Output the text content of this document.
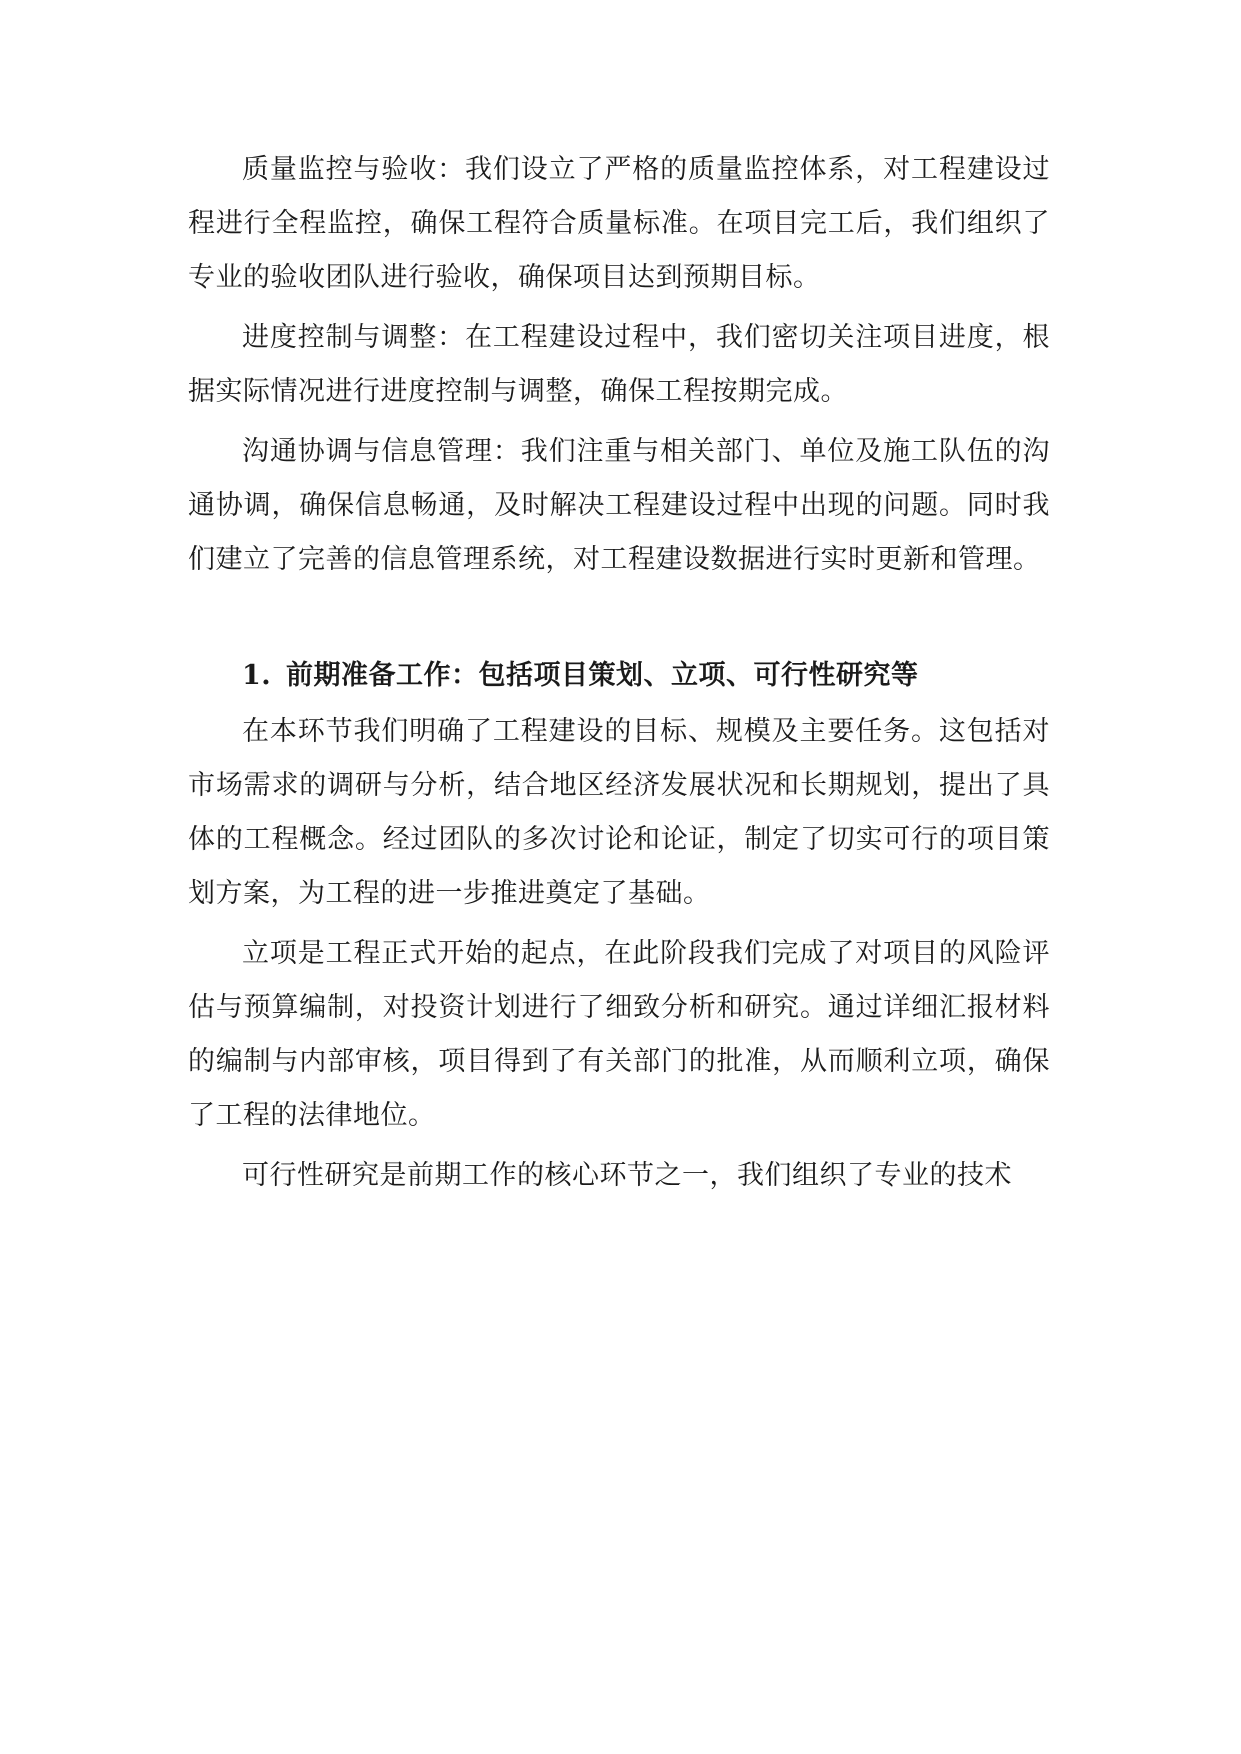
质量监控与验收：我们设立了严格的质量监控体系，对工程建设过程进行全程监控，确保工程符合质量标准。在项目完工后，我们组织了专业的验收团队进行验收，确保项目达到预期目标。

进度控制与调整：在工程建设过程中，我们密切关注项目进度，根据实际情况进行进度控制与调整，确保工程按期完成。

沟通协调与信息管理：我们注重与相关部门、单位及施工队伍的沟通协调，确保信息畅通，及时解决工程建设过程中出现的问题。同时我们建立了完善的信息管理系统，对工程建设数据进行实时更新和管理。

1. 前期准备工作：包括项目策划、立项、可行性研究等

在本环节我们明确了工程建设的目标、规模及主要任务。这包括对市场需求的调研与分析，结合地区经济发展状况和长期规划，提出了具体的工程概念。经过团队的多次讨论和论证，制定了切实可行的项目策划方案，为工程的进一步推进奠定了基础。

立项是工程正式开始的起点，在此阶段我们完成了对项目的风险评估与预算编制，对投资计划进行了细致分析和研究。通过详细汇报材料的编制与内部审核，项目得到了有关部门的批准，从而顺利立项，确保了工程的法律地位。

可行性研究是前期工作的核心环节之一，我们组织了专业的技术
